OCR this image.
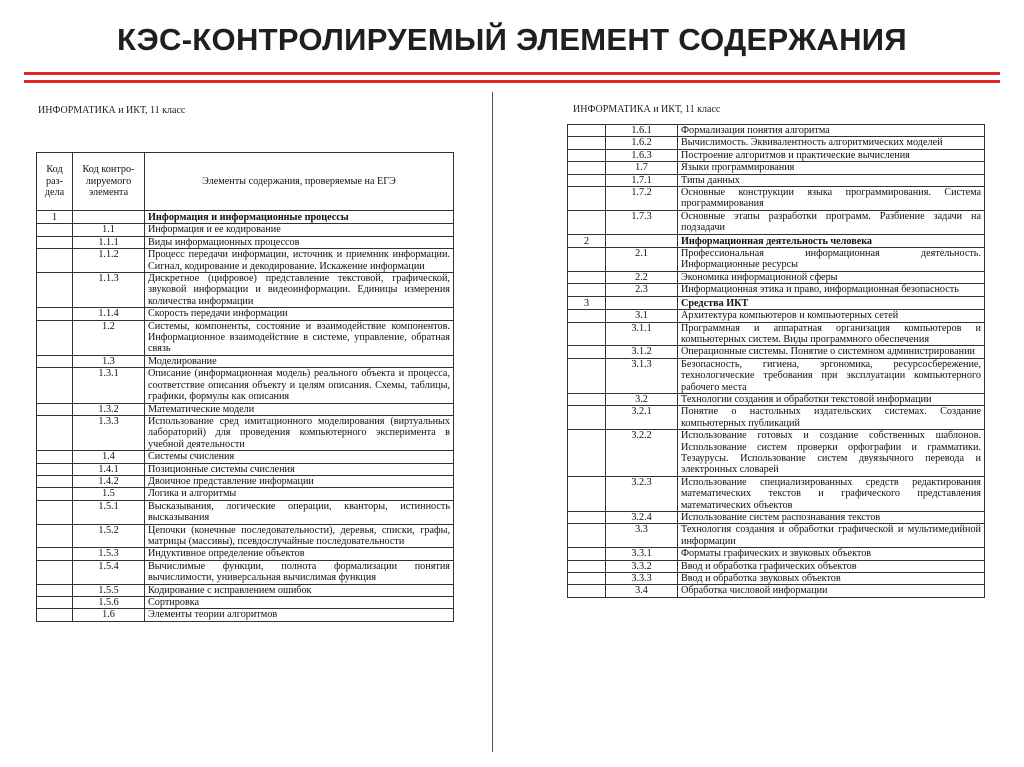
КЭС-КОНТРОЛИРУЕМЫЙ ЭЛЕМЕНТ СОДЕРЖАНИЯ
ИНФОРМАТИКА и ИКТ, 11 класс	ИНФОРМАТИКА и ИКТ, 11 класс
Код раз-дела	Код контро-лируемого элемента	Элементы содержания, проверяемые на ЕГЭ
1		Информация и информационные процессы
	1.1	Информация и ее кодирование
	1.1.1	Виды информационных процессов
	1.1.2	Процесс передачи информации, источник и приемник информации. Сигнал, кодирование и декодирование. Искажение информации
	1.1.3	Дискретное (цифровое) представление текстовой, графической, звуковой информации и видеоинформации. Единицы измерения количества информации
	1.1.4	Скорость передачи информации
	1.2	Системы, компоненты, состояние и взаимодействие компонентов. Информационное взаимодействие в системе, управление, обратная связь
	1.3	Моделирование
	1.3.1	Описание (информационная модель) реального объекта и процесса, соответствие описания объекту и целям описания. Схемы, таблицы, графики, формулы как описания
	1.3.2	Математические модели
	1.3.3	Использование сред имитационного моделирования (виртуальных лабораторий) для проведения компьютерного эксперимента в учебной деятельности
	1.4	Системы счисления
	1.4.1	Позиционные системы счисления
	1.4.2	Двоичное представление информации
	1.5	Логика и алгоритмы
	1.5.1	Высказывания, логические операции, кванторы, истинность высказывания
	1.5.2	Цепочки (конечные последовательности), деревья, списки, графы, матрицы (массивы), псевдослучайные последовательности
	1.5.3	Индуктивное определение объектов
	1.5.4	Вычислимые функции, полнота формализации понятия вычислимости, универсальная вычислимая функция
	1.5.5	Кодирование с исправлением ошибок
	1.5.6	Сортировка
	1.6	Элементы теории алгоритмов
	1.6.1	Формализация понятия алгоритма
	1.6.2	Вычислимость. Эквивалентность алгоритмических моделей
	1.6.3	Построение алгоритмов и практические вычисления
	1.7	Языки программирования
	1.7.1	Типы данных
	1.7.2	Основные конструкции языка программирования. Система программирования
	1.7.3	Основные этапы разработки программ. Разбиение задачи на подзадачи
2		Информационная деятельность человека
	2.1	Профессиональная информационная деятельность. Информационные ресурсы
	2.2	Экономика информационной сферы
	2.3	Информационная этика и право, информационная безопасность
3		Средства ИКТ
	3.1	Архитектура компьютеров и компьютерных сетей
	3.1.1	Программная и аппаратная организация компьютеров и компьютерных систем. Виды программного обеспечения
	3.1.2	Операционные системы. Понятие о системном администрировании
	3.1.3	Безопасность, гигиена, эргономика, ресурсосбережение, технологические требования при эксплуатации компьютерного рабочего места
	3.2	Технологии создания и обработки текстовой информации
	3.2.1	Понятие о настольных издательских системах. Создание компьютерных публикаций
	3.2.2	Использование готовых и создание собственных шаблонов. Использование систем проверки орфографии и грамматики. Тезаурусы. Использование систем двуязычного перевода и электронных словарей
	3.2.3	Использование специализированных средств редактирования математических текстов и графического представления математических объектов
	3.2.4	Использование систем распознавания текстов
	3.3	Технология создания и обработки графической и мультимедийной информации
	3.3.1	Форматы графических и звуковых объектов
	3.3.2	Ввод и обработка графических объектов
	3.3.3	Ввод и обработка звуковых объектов
	3.4	Обработка числовой информации
